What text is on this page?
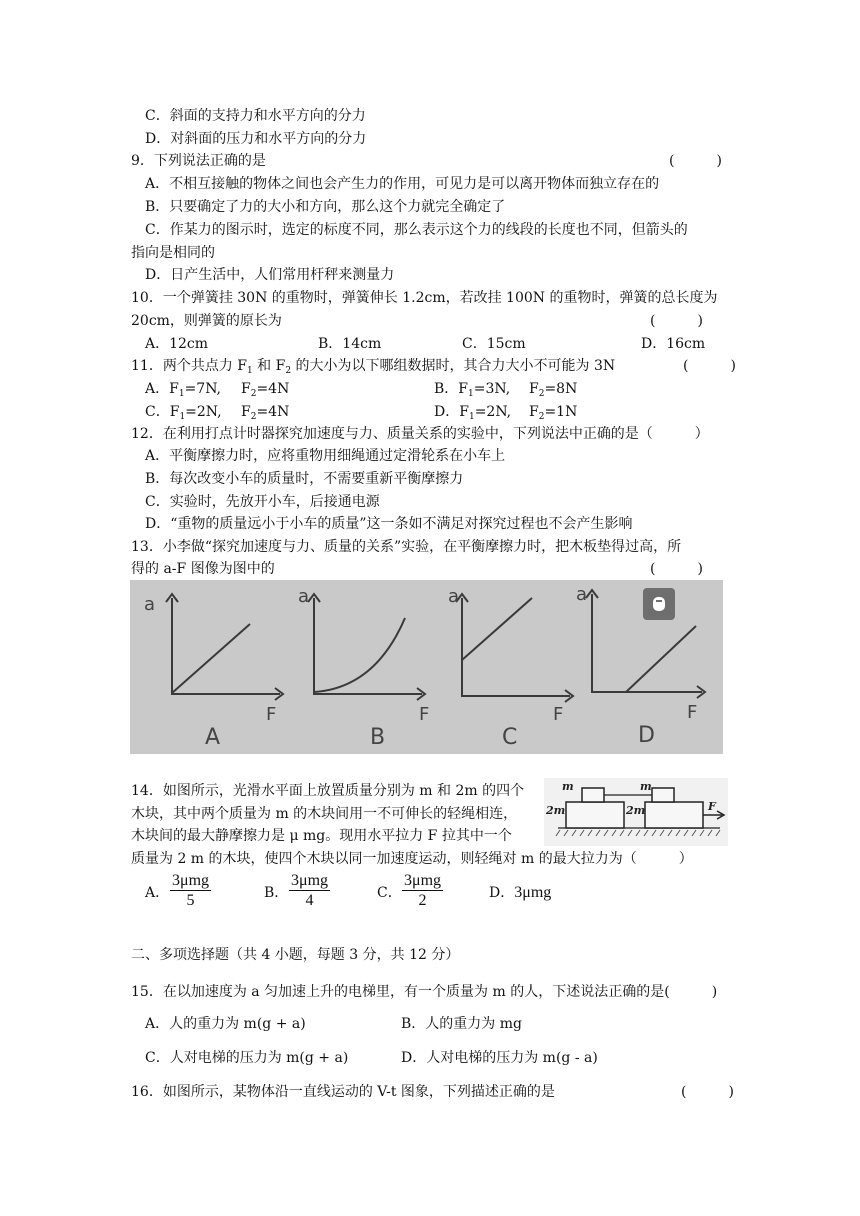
C．斜面的支持力和水平方向的分力
D．对斜面的压力和水平方向的分力
9．下列说法正确的是	(　　　)
A．不相互接触的物体之间也会产生力的作用，可见力是可以离开物体而独立存在的
B．只要确定了力的大小和方向，那么这个力就完全确定了
C．作某力的图示时，选定的标度不同，那么表示这个力的线段的长度也不同，但箭头的
指向是相同的
D．日产生活中，人们常用杆秤来测量力
10．一个弹簧挂 30N 的重物时，弹簧伸长 1.2cm，若改挂 100N 的重物时，弹簧的总长度为
20cm，则弹簧的原长为	(　　　)
A．12cm	B．14cm	C．15cm	D．16cm
11．两个共点力 $F_1$ 和 $F_2$ 的大小为以下哪组数据时，其合力大小不可能为 3N	(　　　)
A．$F_1=7N$, $F_2=4N$	B．$F_1=3N$, $F_2=8N$
C．$F_1=2N$, $F_2=4N$	D．$F_1=2N$, $F_2=1N$
12．在利用打点计时器探究加速度与力、质量关系的实验中，下列说法中正确的是（　　　）
A．平衡摩擦力时，应将重物用细绳通过定滑轮系在小车上
B．每次改变小车的质量时，不需要重新平衡摩擦力
C．实验时，先放开小车，后接通电源
D．“重物的质量远小于小车的质量”这一条如不满足对探究过程也不会产生影响
13．小李做“探究加速度与力、质量的关系”实验，在平衡摩擦力时，把木板垫得过高，所
得的 a-F 图像为图中的	(　　　)
a
F
A
a
F
B
a
F
C
a
F
D
14．如图所示，光滑水平面上放置质量分别为 m 和 2m 的四个
木块，其中两个质量为 m 的木块间用一不可伸长的轻绳相连，
木块间的最大静摩擦力是 μ mg。现用水平拉力 F 拉其中一个
质量为 2 m 的木块，使四个木块以同一加速度运动，则轻绳对 m 的最大拉力为（　　　）
m	m
2m	2m	F
A．
3μmg
5	B．
3μmg
4	C．
3μmg
2	D．3μmg
二、多项选择题（共 4 小题，每题 3 分，共 12 分）
15．在以加速度为 a 匀加速上升的电梯里，有一个质量为 m 的人，下述说法正确的是(　　　)
A．人的重力为 m(g + a)	B．人的重力为 mg
C．人对电梯的压力为 m(g + a)	D．人对电梯的压力为 m(g - a)
16．如图所示，某物体沿一直线运动的 V-t 图象，下列描述正确的是	(　　　)
